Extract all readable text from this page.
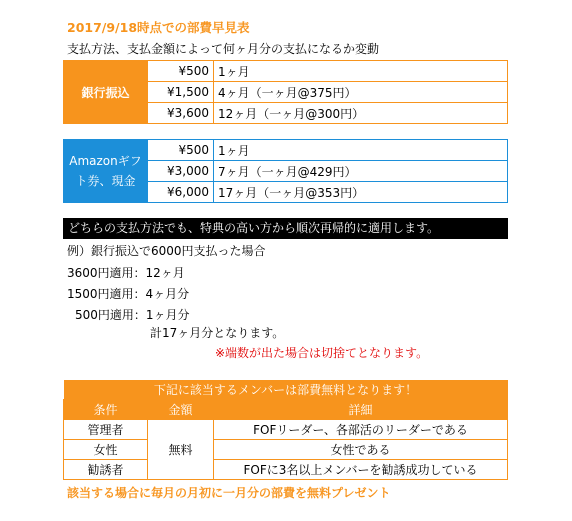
2017/9/18時点での部費早見表
支払方法、支払金額によって何ヶ月分の支払になるか変動
銀行振込	¥500	1ヶ月
	¥1,500	4ヶ月（一ヶ月@375円）
	¥3,600	12ヶ月（一ヶ月@300円）
Amazonギフト券、現金	¥500	1ヶ月
	¥3,000	7ヶ月（一ヶ月@429円）
	¥6,000	17ヶ月（一ヶ月@353円）
どちらの支払方法でも、特典の高い方から順次再帰的に適用します。
例）銀行振込で6000円支払った場合
3600円適用：12ヶ月
1500円適用：4ヶ月分
500円適用：1ヶ月分
計17ヶ月分となります。
※端数が出た場合は切捨てとなります。
下記に該当するメンバーは部費無料となります！		
条件	金額	詳細
管理者	無料	FOFリーダー、各部活のリーダーである
女性		女性である
勧誘者		FOFに3名以上メンバーを勧誘成功している
該当する場合に毎月の月初に一月分の部費を無料プレゼント
